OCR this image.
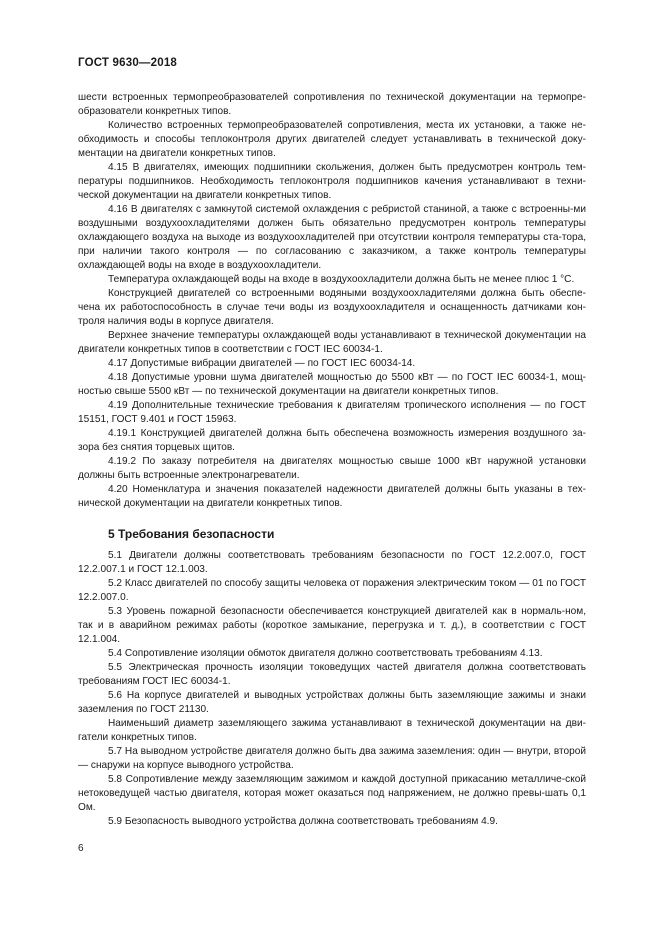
ГОСТ 9630—2018

шести встроенных термопреобразователей сопротивления по технической документации на термопре-образователи конкретных типов.

Количество встроенных термопреобразователей сопротивления, места их установки, а также не-обходимость и способы теплоконтроля других двигателей следует устанавливать в технической доку-ментации на двигатели конкретных типов.

4.15 В двигателях, имеющих подшипники скольжения, должен быть предусмотрен контроль тем-пературы подшипников. Необходимость теплоконтроля подшипников качения устанавливают в техни-ческой документации на двигатели конкретных типов.

4.16 В двигателях с замкнутой системой охлаждения с ребристой станиной, а также с встроенны-ми воздушными воздухоохладителями должен быть обязательно предусмотрен контроль температуры охлаждающего воздуха на выходе из воздухоохладителей при отсутствии контроля температуры ста-тора, при наличии такого контроля — по согласованию с заказчиком, а также контроль температуры охлаждающей воды на входе в воздухоохладители.

Температура охлаждающей воды на входе в воздухоохладители должна быть не менее плюс 1 °С.

Конструкцией двигателей со встроенными водяными воздухоохладителями должна быть обеспе-чена их работоспособность в случае течи воды из воздухоохладителя и оснащенность датчиками кон-троля наличия воды в корпусе двигателя.

Верхнее значение температуры охлаждающей воды устанавливают в технической документации на двигатели конкретных типов в соответствии с ГОСТ IEC 60034-1.

4.17 Допустимые вибрации двигателей — по ГОСТ IEC 60034-14.

4.18 Допустимые уровни шума двигателей мощностью до 5500 кВт — по ГОСТ IEC 60034-1, мощ-ностью свыше 5500 кВт — по технической документации на двигатели конкретных типов.

4.19 Дополнительные технические требования к двигателям тропического исполнения — по ГОСТ 15151, ГОСТ 9.401 и ГОСТ 15963.

4.19.1 Конструкцией двигателей должна быть обеспечена возможность измерения воздушного за-зора без снятия торцевых щитов.

4.19.2 По заказу потребителя на двигателях мощностью свыше 1000 кВт наружной установки должны быть встроенные электронагреватели.

4.20 Номенклатура и значения показателей надежности двигателей должны быть указаны в тех-нической документации на двигатели конкретных типов.

5 Требования безопасности

5.1 Двигатели должны соответствовать требованиям безопасности по ГОСТ 12.2.007.0, ГОСТ 12.2.007.1 и ГОСТ 12.1.003.

5.2 Класс двигателей по способу защиты человека от поражения электрическим током — 01 по ГОСТ 12.2.007.0.

5.3 Уровень пожарной безопасности обеспечивается конструкцией двигателей как в нормаль-ном, так и в аварийном режимах работы (короткое замыкание, перегрузка и т. д.), в соответствии с ГОСТ 12.1.004.

5.4 Сопротивление изоляции обмоток двигателя должно соответствовать требованиям 4.13.

5.5 Электрическая прочность изоляции токоведущих частей двигателя должна соответствовать требованиям ГОСТ IEC 60034-1.

5.6 На корпусе двигателей и выводных устройствах должны быть заземляющие зажимы и знаки заземления по ГОСТ 21130.

Наименьший диаметр заземляющего зажима устанавливают в технической документации на дви-гатели конкретных типов.

5.7 На выводном устройстве двигателя должно быть два зажима заземления: один — внутри, второй — снаружи на корпусе выводного устройства.

5.8 Сопротивление между заземляющим зажимом и каждой доступной прикасанию металличе-ской нетоковедущей частью двигателя, которая может оказаться под напряжением, не должно превы-шать 0,1 Ом.

5.9 Безопасность выводного устройства должна соответствовать требованиям 4.9.

6
